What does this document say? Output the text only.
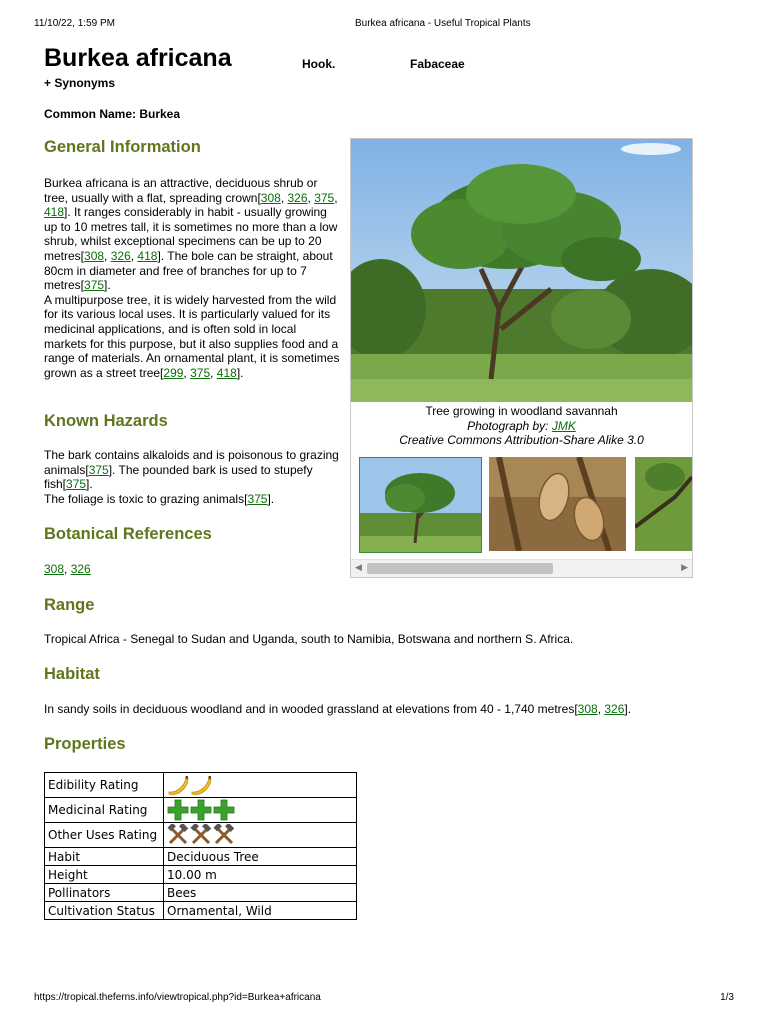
11/10/22, 1:59 PM	Burkea africana - Useful Tropical Plants
https://tropical.theferns.info/viewtropical.php?id=Burkea+africana	1/3
Burkea africana	Hook.	Fabaceae
+ Synonyms
Common Name: Burkea
General Information
Burkea africana is an attractive, deciduous shrub or tree, usually with a flat, spreading crown[308, 326, 375, 418]. It ranges considerably in habit - usually growing up to 10 metres tall, it is sometimes no more than a low shrub, whilst exceptional specimens can be up to 20 metres[308, 326, 418]. The bole can be straight, about 80cm in diameter and free of branches for up to 7 metres[375].
A multipurpose tree, it is widely harvested from the wild for its various local uses. It is particularly valued for its medicinal applications, and is often sold in local markets for this purpose, but it also supplies food and a range of materials. An ornamental plant, it is sometimes grown as a street tree[299, 375, 418].
Known Hazards
The bark contains alkaloids and is poisonous to grazing animals[375]. The pounded bark is used to stupefy fish[375].
The foliage is toxic to grazing animals[375].
Botanical References
308, 326
Range
Tropical Africa - Senegal to Sudan and Uganda, south to Namibia, Botswana and northern S. Africa.
Habitat
In sandy soils in deciduous woodland and in wooded grassland at elevations from 40 - 1,740 metres[308, 326].
Properties
Edibility Rating	

Medicinal Rating	

Other Uses Rating	

Habit	Deciduous Tree
Height	10.00 m
Pollinators	Bees
Cultivation Status	Ornamental, Wild
Tree growing in woodland savannah
Photograph by: JMK
Creative Commons Attribution-Share Alike 3.0
◀	▶
